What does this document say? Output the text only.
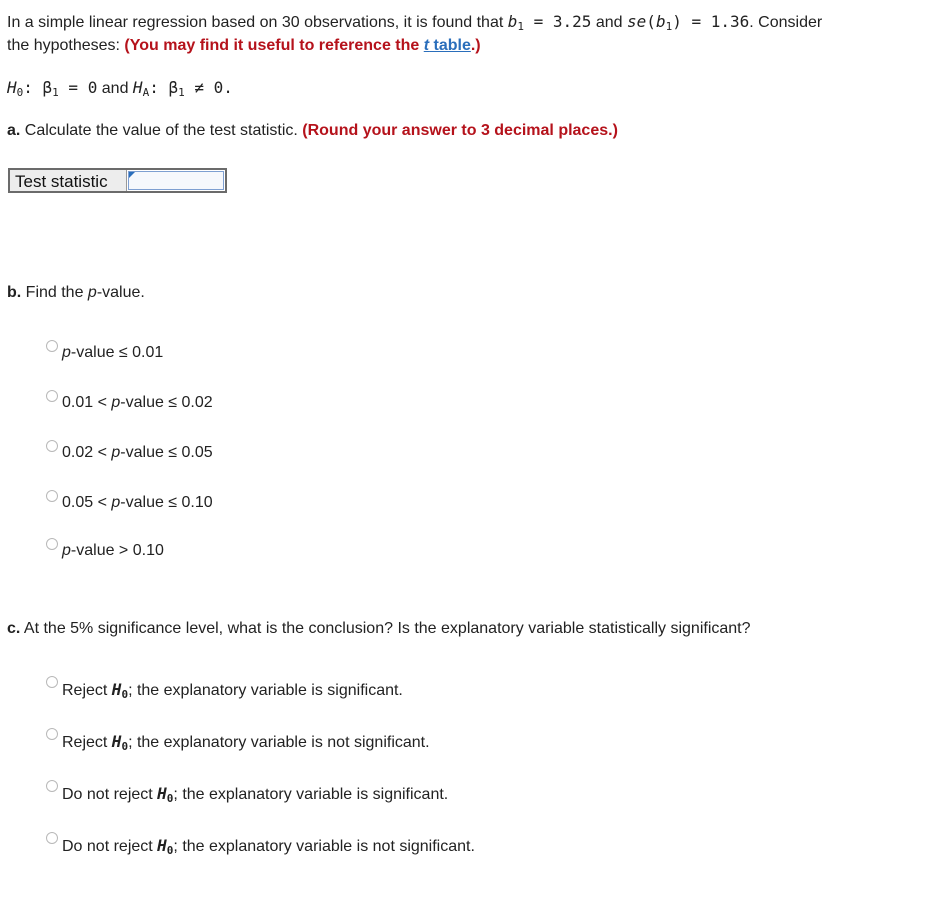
In a simple linear regression based on 30 observations, it is found that $b_1 = 3.25$ and $se(b_1) = 1.36$. Consider
the hypotheses: (You may find it useful to reference the t table.)
$H_0$: $\beta_1 = 0$ and $H_A$: $\beta_1 \ne 0$.
a. Calculate the value of the test statistic. (Round your answer to 3 decimal places.)
Test statistic
b. Find the p-value.
p-value ≤ 0.01
0.01 < p-value ≤ 0.02
0.02 < p-value ≤ 0.05
0.05 < p-value ≤ 0.10
p-value > 0.10
c. At the 5% significance level, what is the conclusion? Is the explanatory variable statistically significant?
Reject $H_0$; the explanatory variable is significant.
Reject $H_0$; the explanatory variable is not significant.
Do not reject $H_0$; the explanatory variable is significant.
Do not reject $H_0$; the explanatory variable is not significant.
